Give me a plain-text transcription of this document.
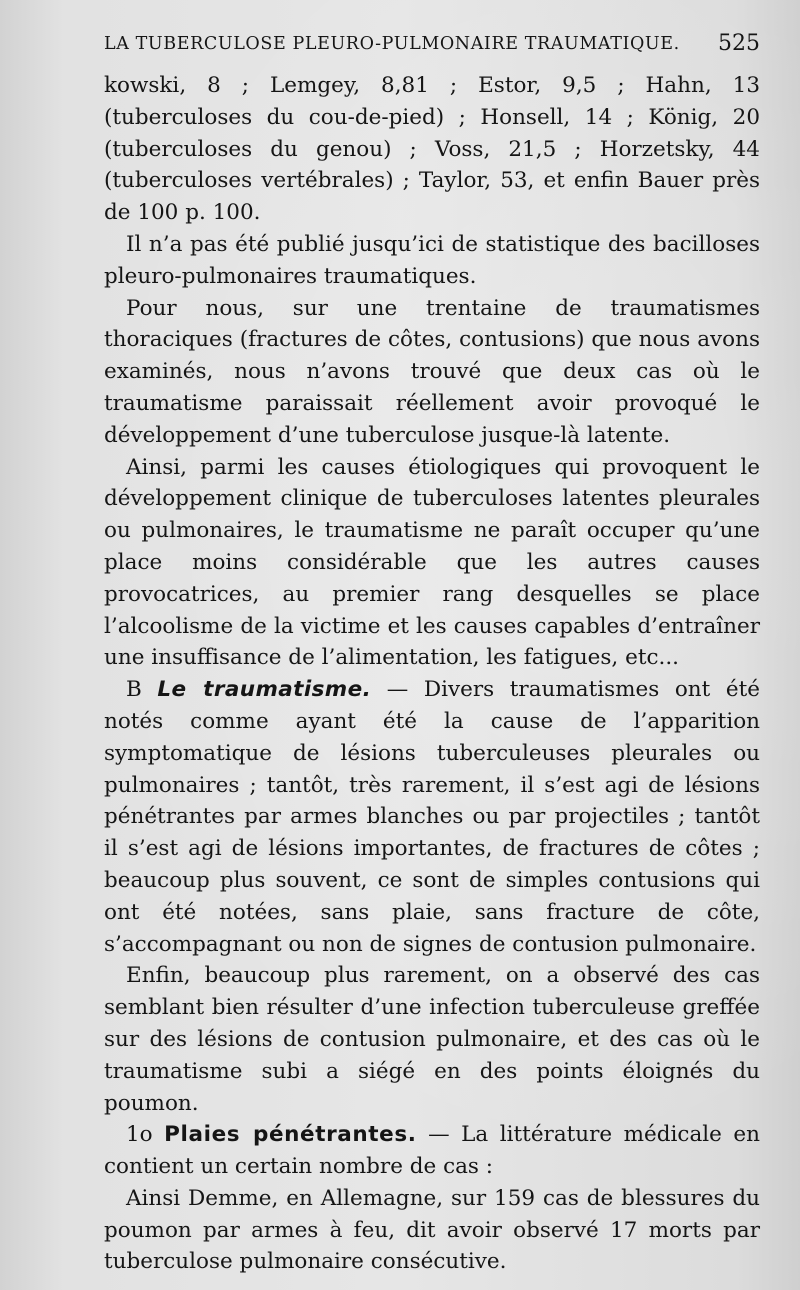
LA TUBERCULOSE PLEURO-PULMONAIRE TRAUMATIQUE. 525

kowski, 8 ; Lemgey, 8,81 ; Estor, 9,5 ; Hahn, 13 (tuberculoses du cou-de-pied) ; Honsell, 14 ; König, 20 (tuberculoses du genou) ; Voss, 21,5 ; Horzetsky, 44 (tuberculoses vertébrales) ; Taylor, 53, et enfin Bauer près de 100 p. 100.

Il n’a pas été publié jusqu’ici de statistique des bacilloses pleuro-pulmonaires traumatiques.

Pour nous, sur une trentaine de traumatismes thoraciques (fractures de côtes, contusions) que nous avons examinés, nous n’avons trouvé que deux cas où le traumatisme paraissait réellement avoir provoqué le développement d’une tuberculose jusque-là latente.

Ainsi, parmi les causes étiologiques qui provoquent le développement clinique de tuberculoses latentes pleurales ou pulmonaires, le traumatisme ne paraît occuper qu’une place moins considérable que les autres causes provocatrices, au premier rang desquelles se place l’alcoolisme de la victime et les causes capables d’entraîner une insuffisance de l’alimentation, les fatigues, etc...

B Le traumatisme. — Divers traumatismes ont été notés comme ayant été la cause de l’apparition symptomatique de lésions tuberculeuses pleurales ou pulmonaires ; tantôt, très rarement, il s’est agi de lésions pénétrantes par armes blanches ou par projectiles ; tantôt il s’est agi de lésions importantes, de fractures de côtes ; beaucoup plus souvent, ce sont de simples contusions qui ont été notées, sans plaie, sans fracture de côte, s’accompagnant ou non de signes de contusion pulmonaire.

Enfin, beaucoup plus rarement, on a observé des cas semblant bien résulter d’une infection tuberculeuse greffée sur des lésions de contusion pulmonaire, et des cas où le traumatisme subi a siégé en des points éloignés du poumon.

1o Plaies pénétrantes. — La littérature médicale en contient un certain nombre de cas :

Ainsi Demme, en Allemagne, sur 159 cas de blessures du poumon par armes à feu, dit avoir observé 17 morts par tuberculose pulmonaire consécutive.
